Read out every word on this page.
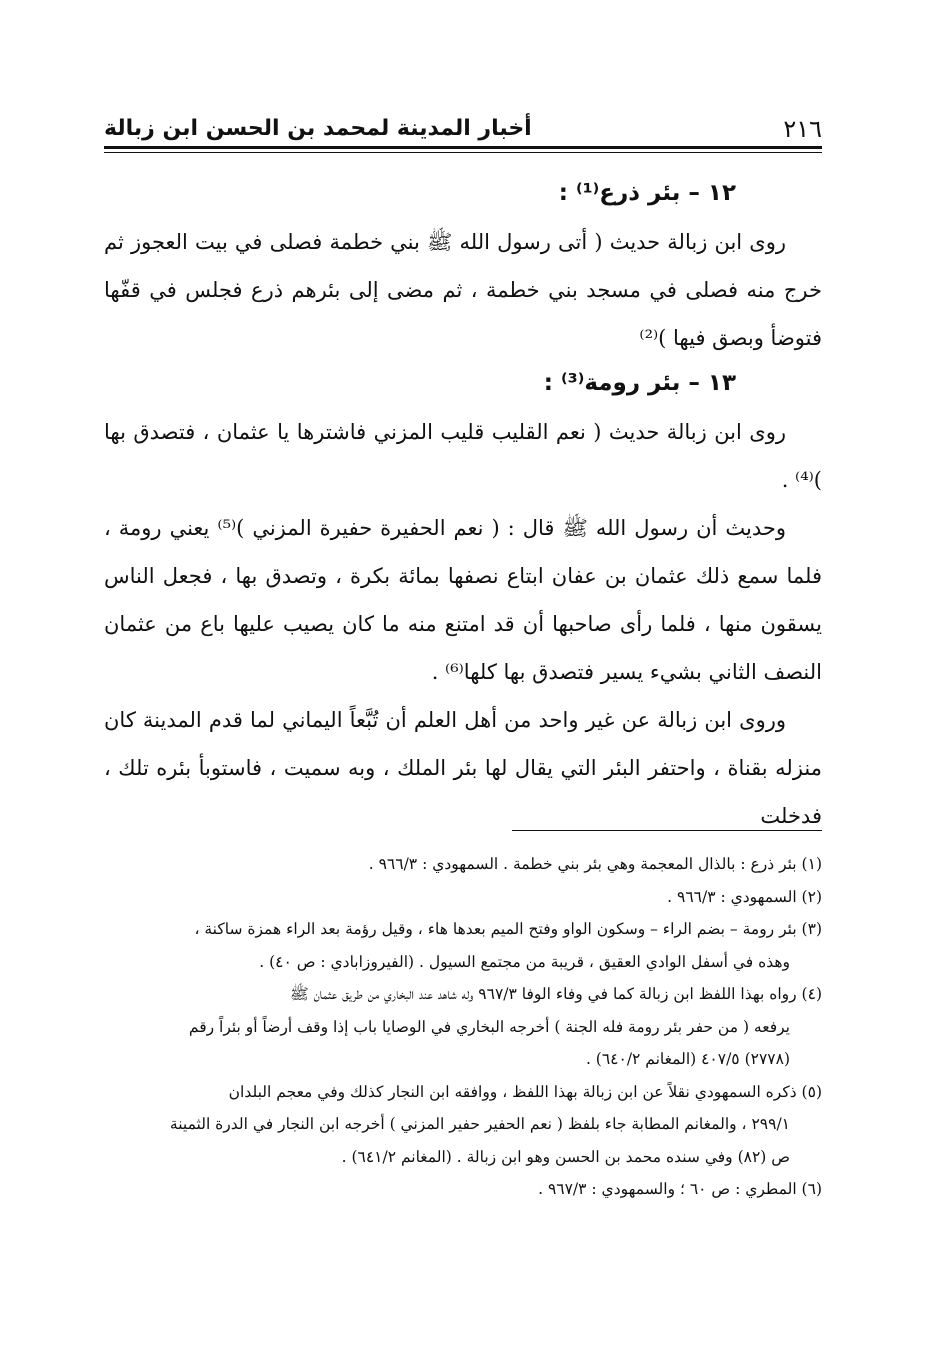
٢١٦
أخبار المدينة لمحمد بن الحسن ابن زبالة
١٢ – بئر ذرع⁽¹⁾ :

روى ابن زبالة حديث ( أتى رسول الله ﷺ بني خطمة فصلى في بيت العجوز ثم خرج منه فصلى في مسجد بني خطمة ، ثم مضى إلى بئرهم ذرع فجلس في قفّها فتوضأ وبصق فيها )⁽²⁾

١٣ – بئر رومة⁽³⁾ :

روى ابن زبالة حديث ( نعم القليب قليب المزني فاشترها يا عثمان ، فتصدق بها )⁽⁴⁾ .

وحديث أن رسول الله ﷺ قال : ( نعم الحفيرة حفيرة المزني )⁽⁵⁾ يعني رومة ، فلما سمع ذلك عثمان بن عفان ابتاع نصفها بمائة بكرة ، وتصدق بها ، فجعل الناس يسقون منها ، فلما رأى صاحبها أن قد امتنع منه ما كان يصيب عليها باع من عثمان النصف الثاني بشيء يسير فتصدق بها كلها⁽⁶⁾ .

وروى ابن زبالة عن غير واحد من أهل العلم أن تُبَّعاً اليماني لما قدم المدينة كان منزله بقناة ، واحتفر البئر التي يقال لها بئر الملك ، وبه سميت ، فاستوبأ بئره تلك ، فدخلت

(١) بئر ذرع : بالذال المعجمة وهي بئر بني خطمة . السمهودي : ٩٦٦/٣ .

(٢) السمهودي : ٩٦٦/٣ .

(٣) بئر رومة – بضم الراء – وسكون الواو وفتح الميم بعدها هاء ، وقيل رؤمة بعد الراء همزة ساكنة ،

وهذه في أسفل الوادي العقيق ، قريبة من مجتمع السيول . (الفيروزابادي : ص ٤٠) .

(٤) رواه بهذا اللفظ ابن زبالة كما في وفاء الوفا ٩٦٧/٣ وله شاهد عند البخاري من طريق عثمان ﷺ

يرفعه ( من حفر بئر رومة فله الجنة ) أخرجه البخاري في الوصايا باب إذا وقف أرضاً أو بئراً رقم

(٢٧٧٨) ٤٠٧/٥ (المغانم ٦٤٠/٢) .

(٥) ذكره السمهودي نقلاً عن ابن زبالة بهذا اللفظ ، ووافقه ابن النجار كذلك وفي معجم البلدان

٢٩٩/١ ، والمغانم المطابة جاء بلفظ ( نعم الحفير حفير المزني ) أخرجه ابن النجار في الدرة الثمينة

ص (٨٢) وفي سنده محمد بن الحسن وهو ابن زبالة . (المغانم ٦٤١/٢) .

(٦) المطري : ص ٦٠ ؛ والسمهودي : ٩٦٧/٣ .
